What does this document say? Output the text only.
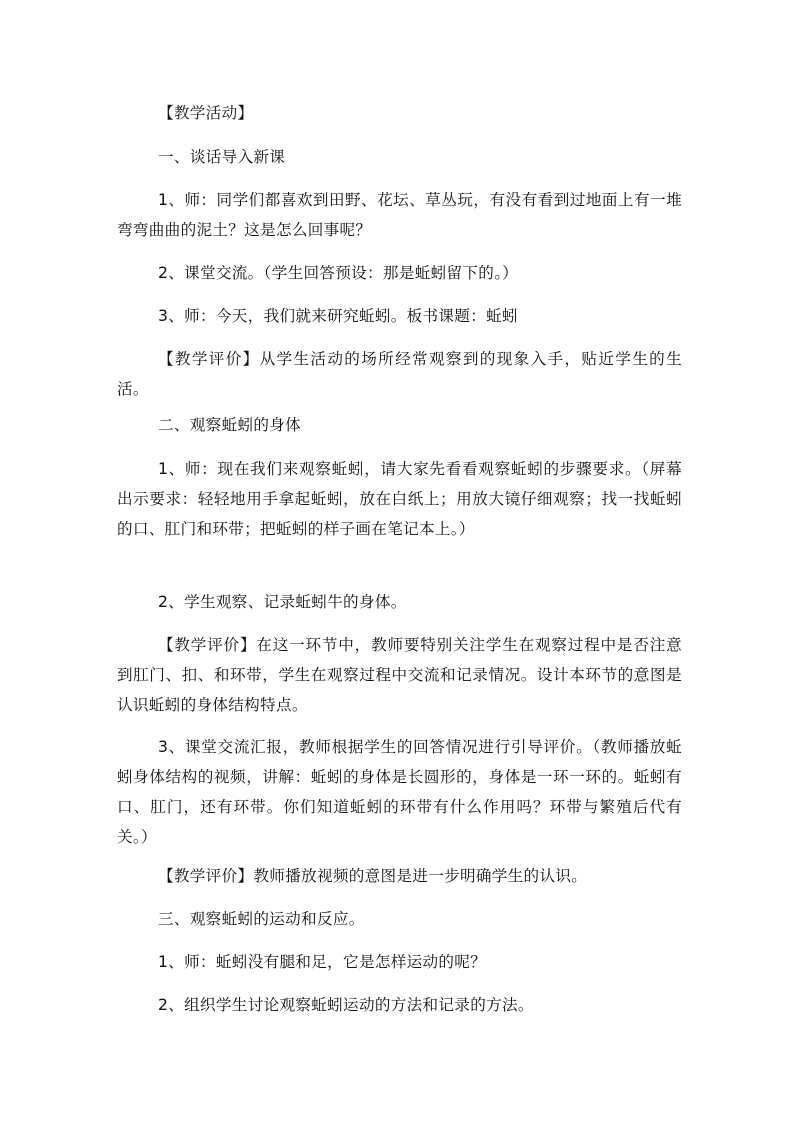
【教学活动】

一、谈话导入新课

1、师：同学们都喜欢到田野、花坛、草丛玩，有没有看到过地面上有一堆弯弯曲曲的泥土？这是怎么回事呢？

2、课堂交流。（学生回答预设：那是蚯蚓留下的。）

3、师：今天，我们就来研究蚯蚓。板书课题：蚯蚓

【教学评价】从学生活动的场所经常观察到的现象入手，贴近学生的生活。

二、观察蚯蚓的身体

1、师：现在我们来观察蚯蚓，请大家先看看观察蚯蚓的步骤要求。（屏幕出示要求：轻轻地用手拿起蚯蚓，放在白纸上；用放大镜仔细观察；找一找蚯蚓的口、肛门和环带；把蚯蚓的样子画在笔记本上。）

2、学生观察、记录蚯蚓牛的身体。

【教学评价】在这一环节中，教师要特别关注学生在观察过程中是否注意到肛门、扣、和环带，学生在观察过程中交流和记录情况。设计本环节的意图是认识蚯蚓的身体结构特点。

3、课堂交流汇报，教师根据学生的回答情况进行引导评价。（教师播放蚯蚓身体结构的视频，讲解：蚯蚓的身体是长圆形的，身体是一环一环的。蚯蚓有口、肛门，还有环带。你们知道蚯蚓的环带有什么作用吗？环带与繁殖后代有关。）

【教学评价】教师播放视频的意图是进一步明确学生的认识。

三、观察蚯蚓的运动和反应。

1、师：蚯蚓没有腿和足，它是怎样运动的呢？

2、组织学生讨论观察蚯蚓运动的方法和记录的方法。
